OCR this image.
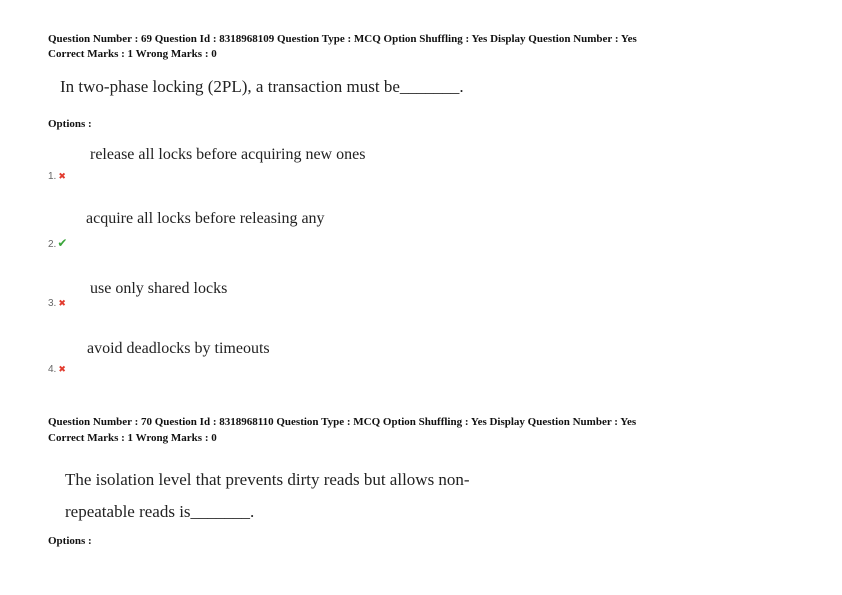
Question Number : 69 Question Id : 8318968109 Question Type : MCQ Option Shuffling : Yes Display Question Number : Yes
Correct Marks : 1 Wrong Marks : 0
In two-phase locking (2PL), a transaction must be_______.
Options :
release all locks before acquiring new ones
1. ✖
acquire all locks before releasing any
2.✔
use only shared locks
3. ✖
avoid deadlocks by timeouts
4. ✖
Question Number : 70 Question Id : 8318968110 Question Type : MCQ Option Shuffling : Yes Display Question Number : Yes
Correct Marks : 1 Wrong Marks : 0
The isolation level that prevents dirty reads but allows non-
repeatable reads is_______.
Options :
